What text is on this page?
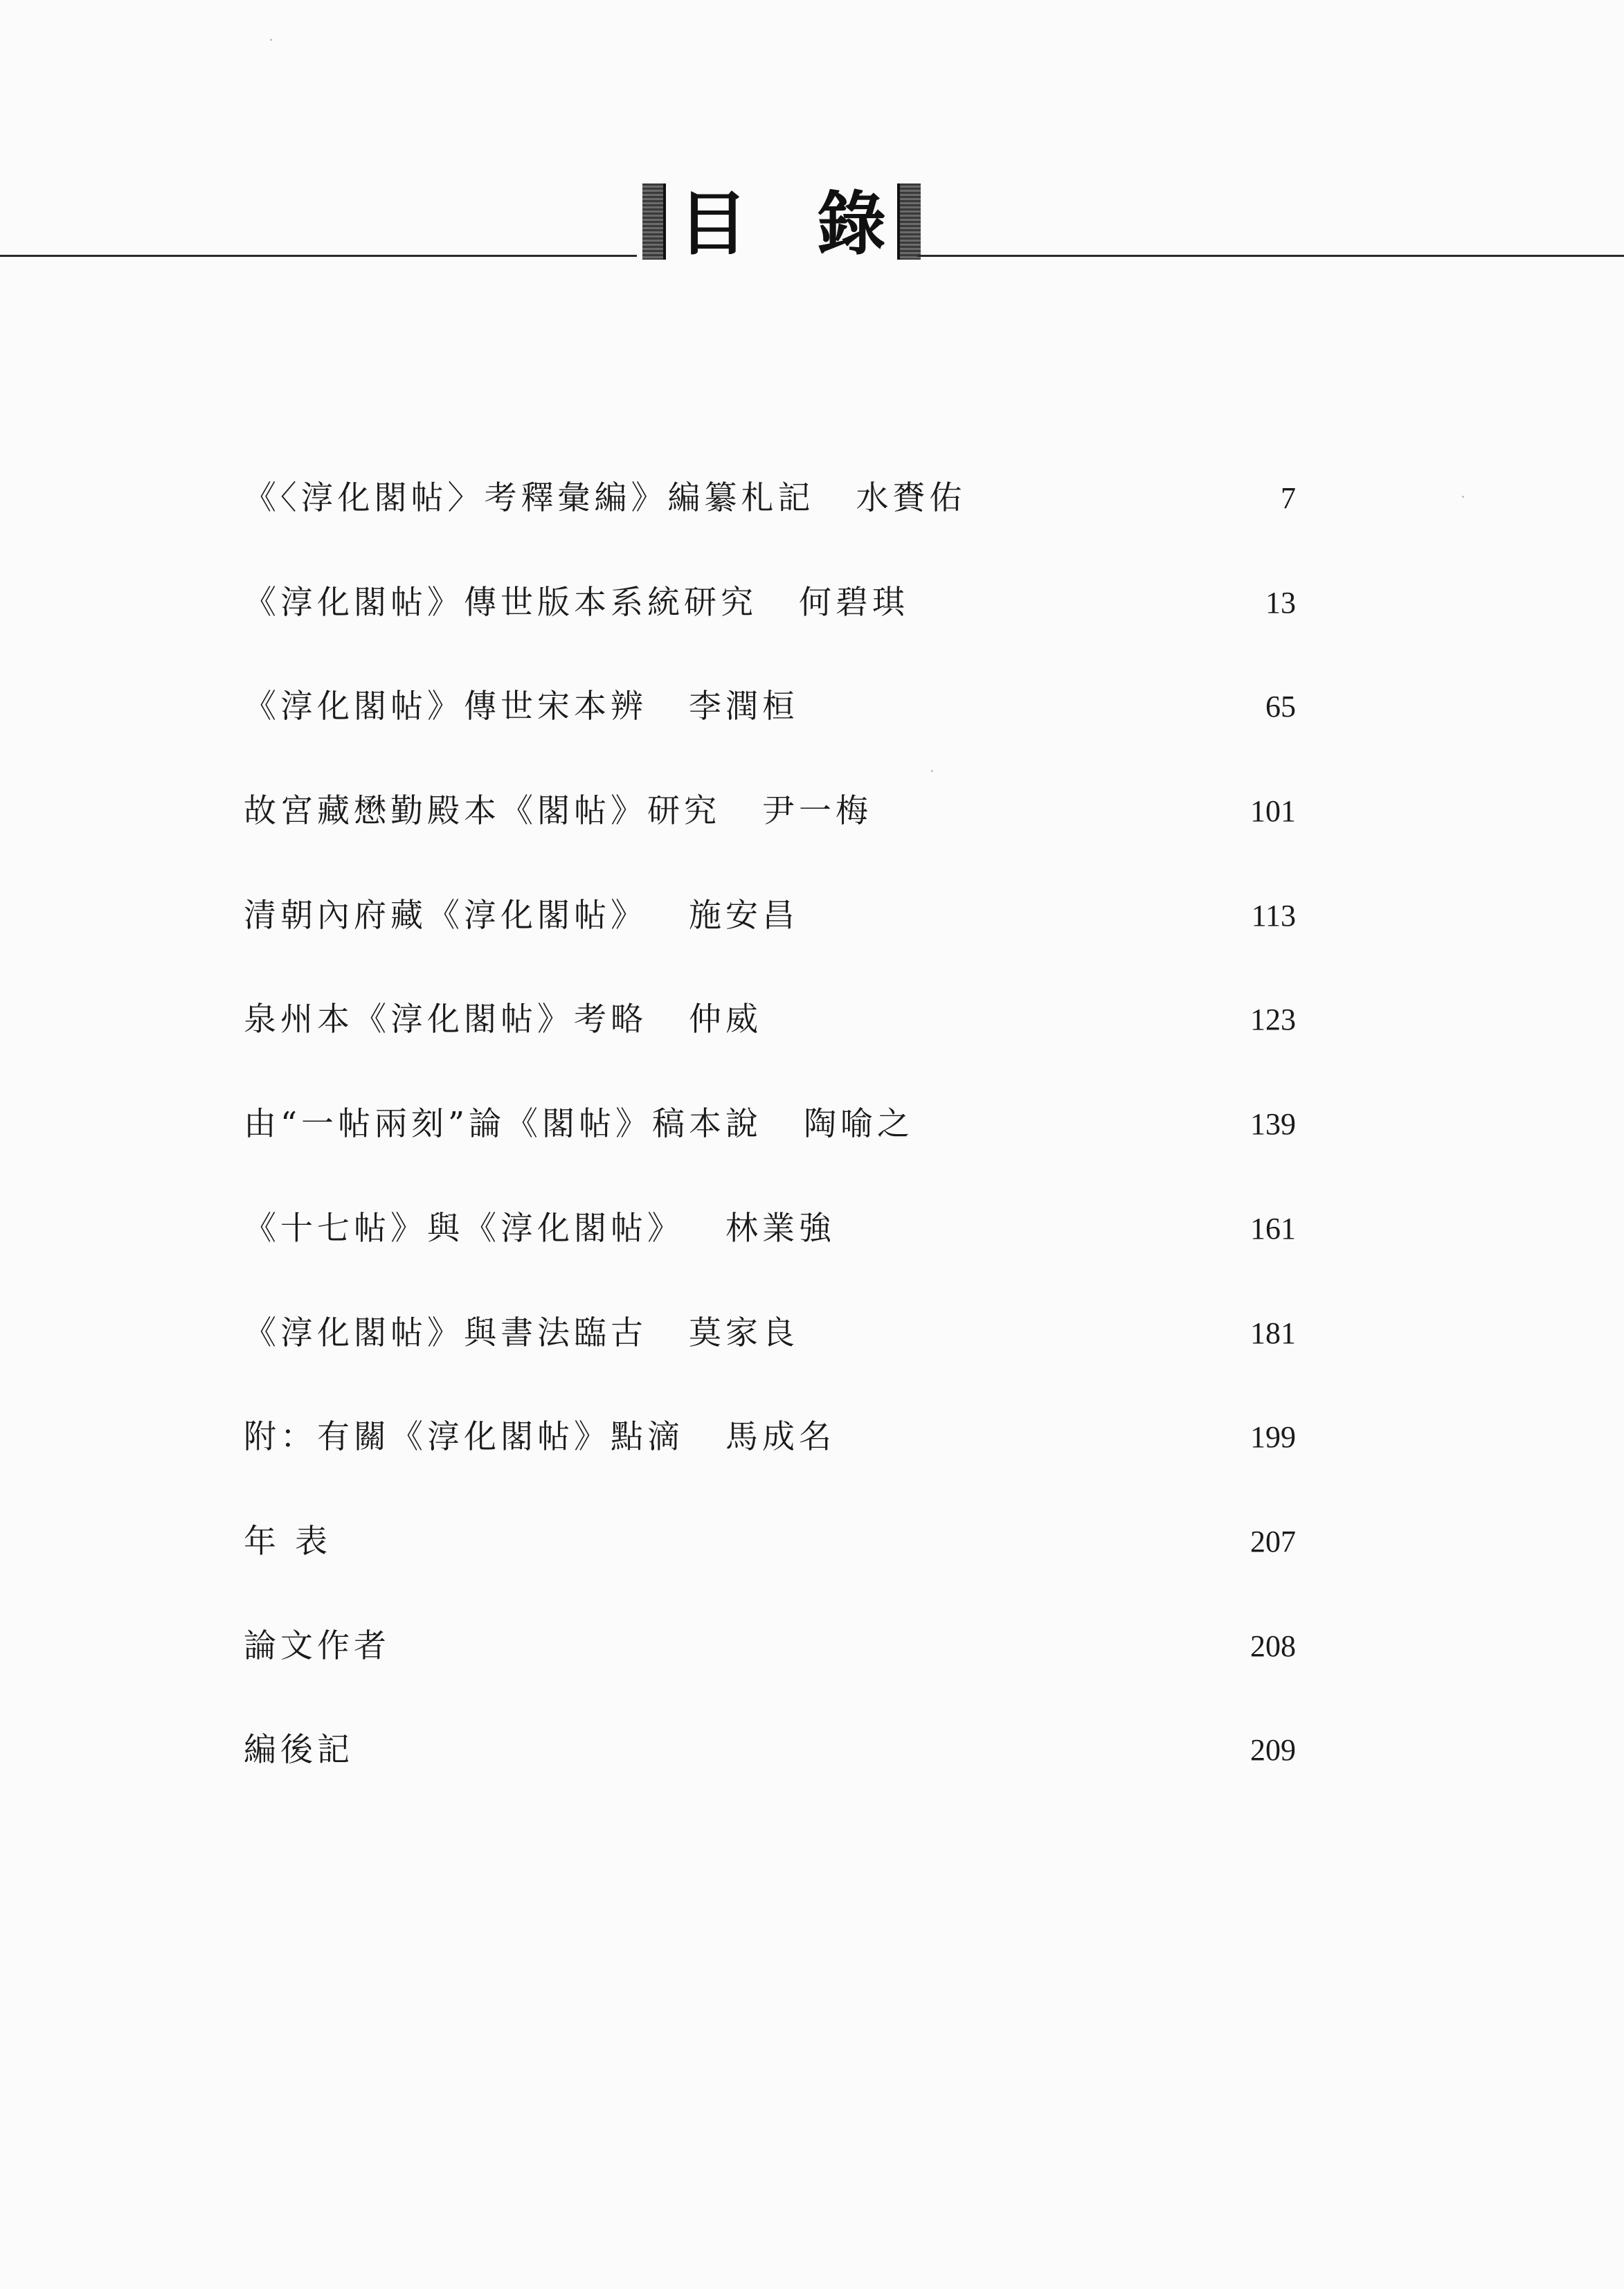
目 錄
《〈淳化閣帖〉考釋彙編》編纂札記 水賚佑	7
《淳化閣帖》傳世版本系統研究 何碧琪	13
《淳化閣帖》傳世宋本辨 李潤桓	65
故宮藏懋勤殿本《閣帖》研究 尹一梅	101
清朝內府藏《淳化閣帖》 施安昌	113
泉州本《淳化閣帖》考略 仲威	123
由“一帖兩刻”論《閣帖》稿本說 陶喻之	139
《十七帖》與《淳化閣帖》 林業強	161
《淳化閣帖》與書法臨古 莫家良	181
附：有關《淳化閣帖》點滴 馬成名	199
年 表	207
論文作者	208
編後記	209
